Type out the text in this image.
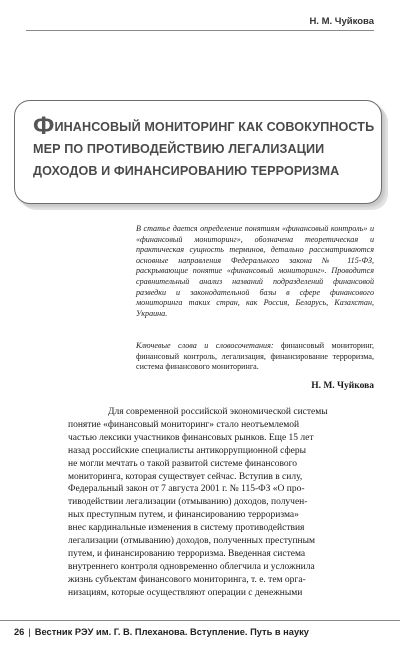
Н. М. Чуйкова
ФИНАНСОВЫЙ МОНИТОРИНГ КАК СОВОКУПНОСТЬ
МЕР ПО ПРОТИВОДЕЙСТВИЮ ЛЕГАЛИЗАЦИИ
ДОХОДОВ И ФИНАНСИРОВАНИЮ ТЕРРОРИЗМА

В статье дается определение понятиям «финансовый контроль» и «финансовый мониторинг», обозначена теоретическая и практическая сущность терминов, детально рассматриваются основные направления Федерального закона № 115-ФЗ, раскрывающие понятие «финансовый мониторинг». Проводится сравнительный анализ названий подразделений финансовой разведки и законодательной базы в сфере финансового мониторинга таких стран, как Россия, Беларусь, Казахстан, Украина.

Ключевые слова и словосочетания: финансовый мониторинг, финансовый контроль, легализация, финансирование терроризма, система финансового мониторинга.

Н. М. Чуйкова
Для современной российской экономической системы
понятие «финансовый мониторинг» стало неотъемлемой
частью лексики участников финансовых рынков. Еще 15 лет
назад российские специалисты антикоррупционной сферы
не могли мечтать о такой развитой системе финансового
мониторинга, которая существует сейчас. Вступив в силу,
Федеральный закон от 7 августа 2001 г. № 115-ФЗ «О про-
тиводействии легализации (отмыванию) доходов, получен-
ных преступным путем, и финансированию терроризма»
внес кардинальные изменения в систему противодействия
легализации (отмыванию) доходов, полученных преступным
путем, и финансированию терроризма. Введенная система
внутреннего контроля одновременно облегчила и усложнила
жизнь субъектам финансового мониторинга, т. е. тем орга-
низациям, которые осуществляют операции с денежными
26 | Вестник РЭУ им. Г. В. Плеханова. Вступление. Путь в науку
